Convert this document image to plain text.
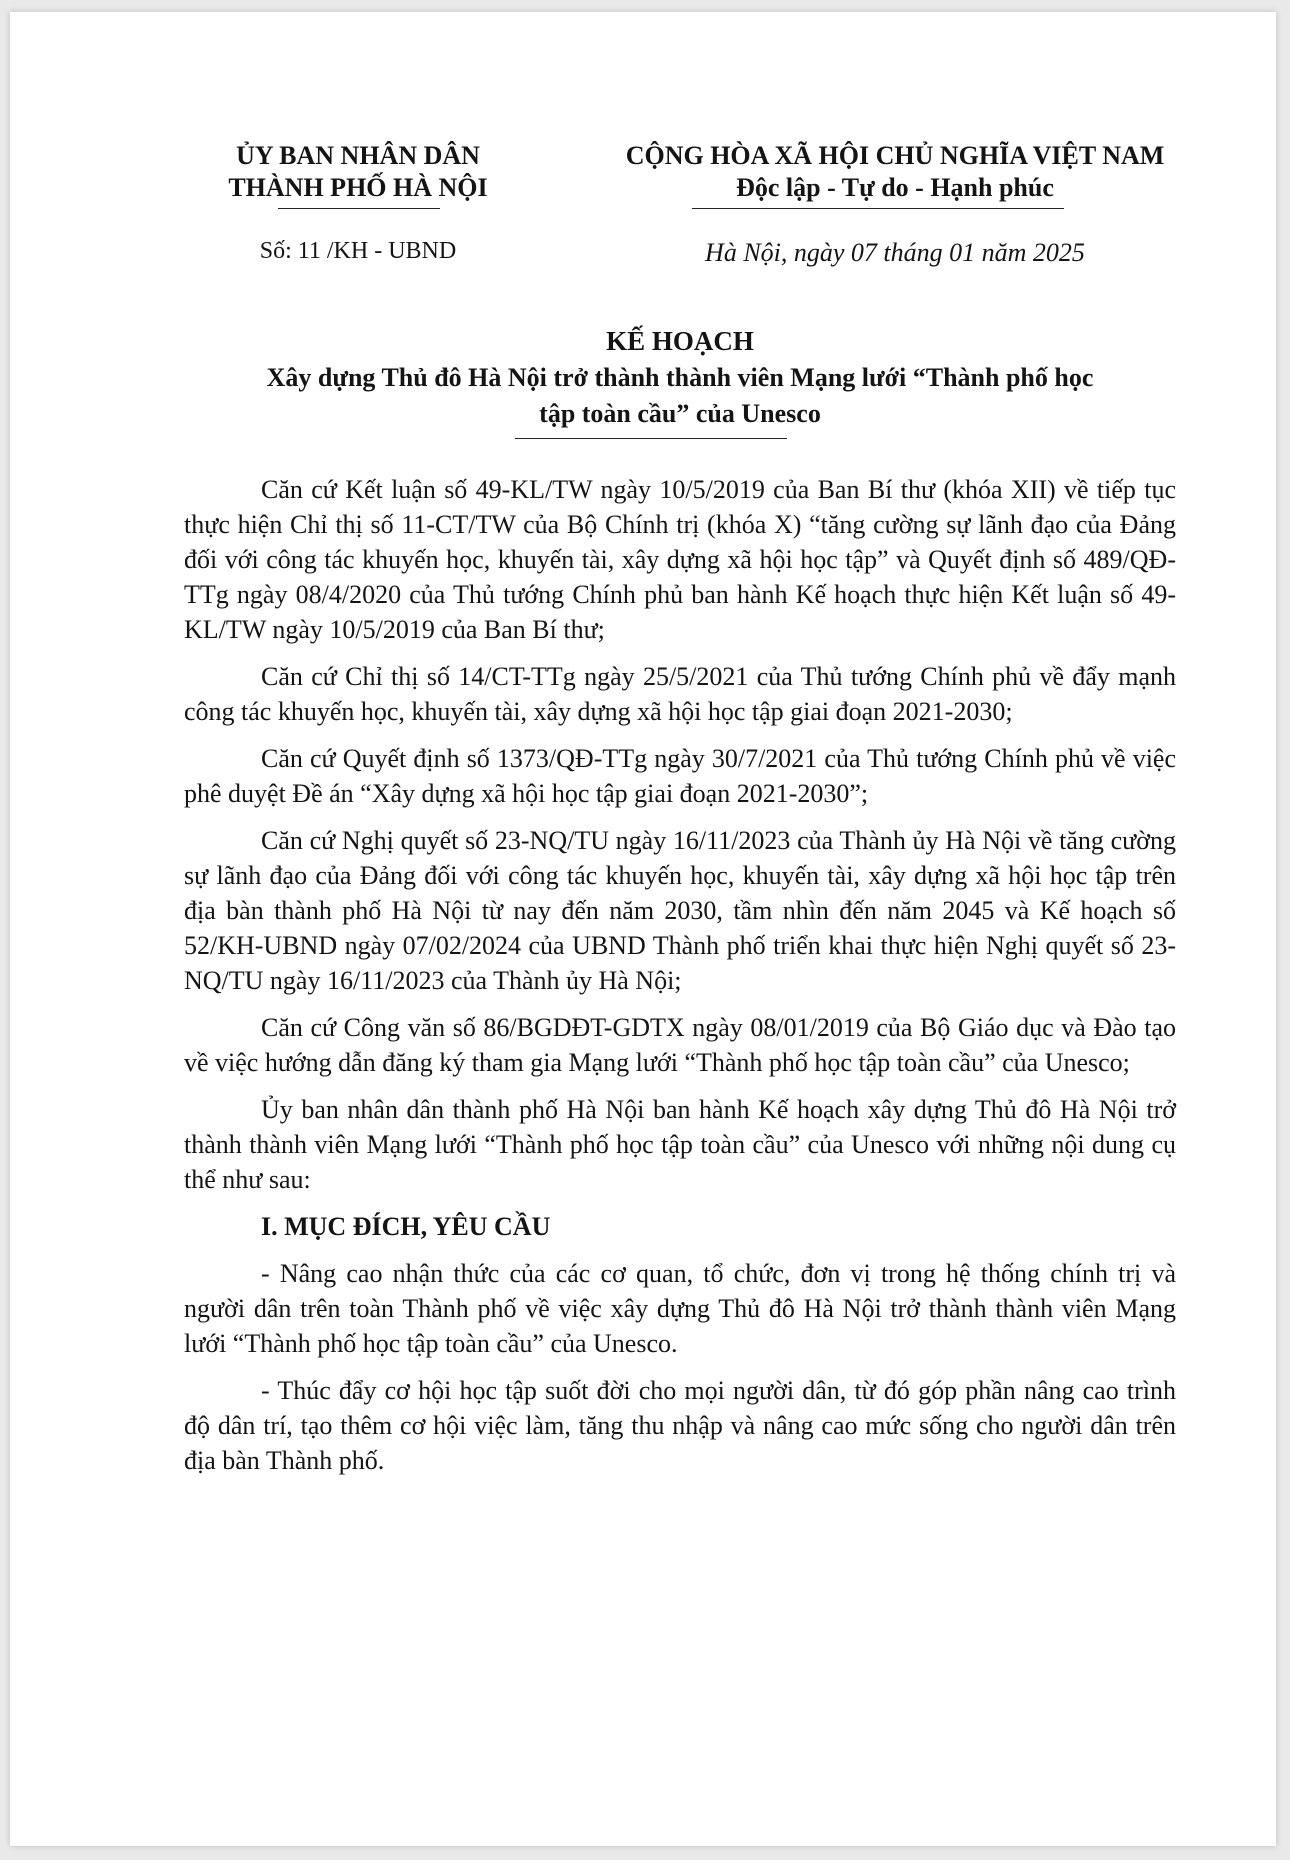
ỦY BAN NHÂN DÂN
THÀNH PHỐ HÀ NỘI
CỘNG HÒA XÃ HỘI CHỦ NGHĨA VIỆT NAM
Độc lập - Tự do - Hạnh phúc
Số: 11 /KH - UBND	Hà Nội, ngày 07 tháng 01 năm 2025
KẾ HOẠCH
Xây dựng Thủ đô Hà Nội trở thành thành viên Mạng lưới “Thành phố học
tập toàn cầu” của Unesco

Căn cứ Kết luận số 49-KL/TW ngày 10/5/2019 của Ban Bí thư (khóa XII) về tiếp tục thực hiện Chỉ thị số 11-CT/TW của Bộ Chính trị (khóa X) “tăng cường sự lãnh đạo của Đảng đối với công tác khuyến học, khuyến tài, xây dựng xã hội học tập” và Quyết định số 489/QĐ-TTg ngày 08/4/2020 của Thủ tướng Chính phủ ban hành Kế hoạch thực hiện Kết luận số 49-KL/TW ngày 10/5/2019 của Ban Bí thư;

Căn cứ Chỉ thị số 14/CT-TTg ngày 25/5/2021 của Thủ tướng Chính phủ về đẩy mạnh công tác khuyến học, khuyến tài, xây dựng xã hội học tập giai đoạn 2021-2030;

Căn cứ Quyết định số 1373/QĐ-TTg ngày 30/7/2021 của Thủ tướng Chính phủ về việc phê duyệt Đề án “Xây dựng xã hội học tập giai đoạn 2021-2030”;

Căn cứ Nghị quyết số 23-NQ/TU ngày 16/11/2023 của Thành ủy Hà Nội về tăng cường sự lãnh đạo của Đảng đối với công tác khuyến học, khuyến tài, xây dựng xã hội học tập trên địa bàn thành phố Hà Nội từ nay đến năm 2030, tầm nhìn đến năm 2045 và Kế hoạch số 52/KH-UBND ngày 07/02/2024 của UBND Thành phố triển khai thực hiện Nghị quyết số 23-NQ/TU ngày 16/11/2023 của Thành ủy Hà Nội;

Căn cứ Công văn số 86/BGDĐT-GDTX ngày 08/01/2019 của Bộ Giáo dục và Đào tạo về việc hướng dẫn đăng ký tham gia Mạng lưới “Thành phố học tập toàn cầu” của Unesco;

Ủy ban nhân dân thành phố Hà Nội ban hành Kế hoạch xây dựng Thủ đô Hà Nội trở thành thành viên Mạng lưới “Thành phố học tập toàn cầu” của Unesco với những nội dung cụ thể như sau:

I. MỤC ĐÍCH, YÊU CẦU

- Nâng cao nhận thức của các cơ quan, tổ chức, đơn vị trong hệ thống chính trị và người dân trên toàn Thành phố về việc xây dựng Thủ đô Hà Nội trở thành thành viên Mạng lưới “Thành phố học tập toàn cầu” của Unesco.

- Thúc đẩy cơ hội học tập suốt đời cho mọi người dân, từ đó góp phần nâng cao trình độ dân trí, tạo thêm cơ hội việc làm, tăng thu nhập và nâng cao mức sống cho người dân trên địa bàn Thành phố.
